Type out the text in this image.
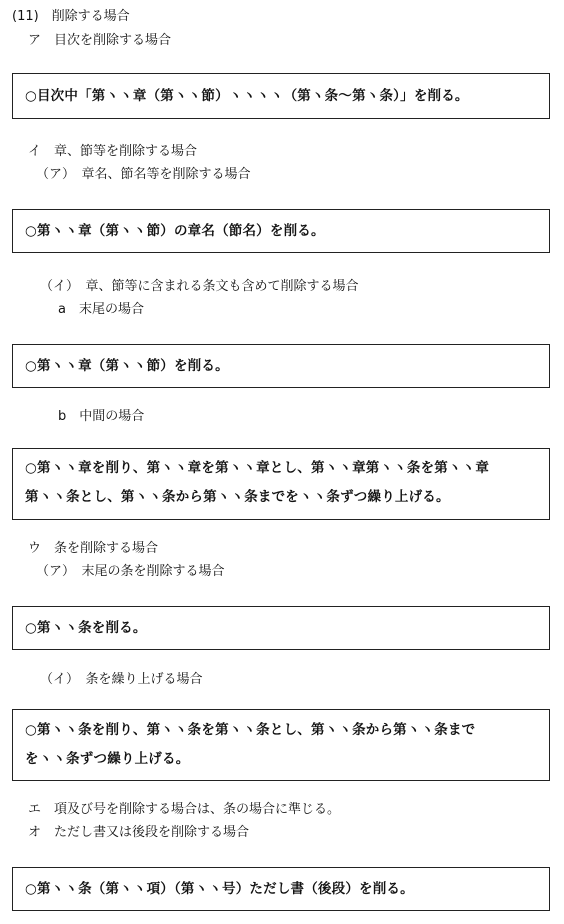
(11)　削除する場合
ア　目次を削除する場合
○目次中「第ヽヽ章（第ヽヽ節）ヽヽヽヽ（第ヽ条～第ヽ条）」を削る。
イ　章、節等を削除する場合
（ア）　章名、節名等を削除する場合
○第ヽヽ章（第ヽヽ節）の章名（節名）を削る。
（イ）　章、節等に含まれる条文も含めて削除する場合
a　末尾の場合
○第ヽヽ章（第ヽヽ節）を削る。
b　中間の場合
○第ヽヽ章を削り、第ヽヽ章を第ヽヽ章とし、第ヽヽ章第ヽヽ条を第ヽヽ章
第ヽヽ条とし、第ヽヽ条から第ヽヽ条までをヽヽ条ずつ繰り上げる。
ウ　条を削除する場合
（ア）　末尾の条を削除する場合
○第ヽヽ条を削る。
（イ）　条を繰り上げる場合
○第ヽヽ条を削り、第ヽヽ条を第ヽヽ条とし、第ヽヽ条から第ヽヽ条まで
をヽヽ条ずつ繰り上げる。
エ　項及び号を削除する場合は、条の場合に準じる。
オ　ただし書又は後段を削除する場合
○第ヽヽ条（第ヽヽ項）（第ヽヽ号）ただし書（後段）を削る。
